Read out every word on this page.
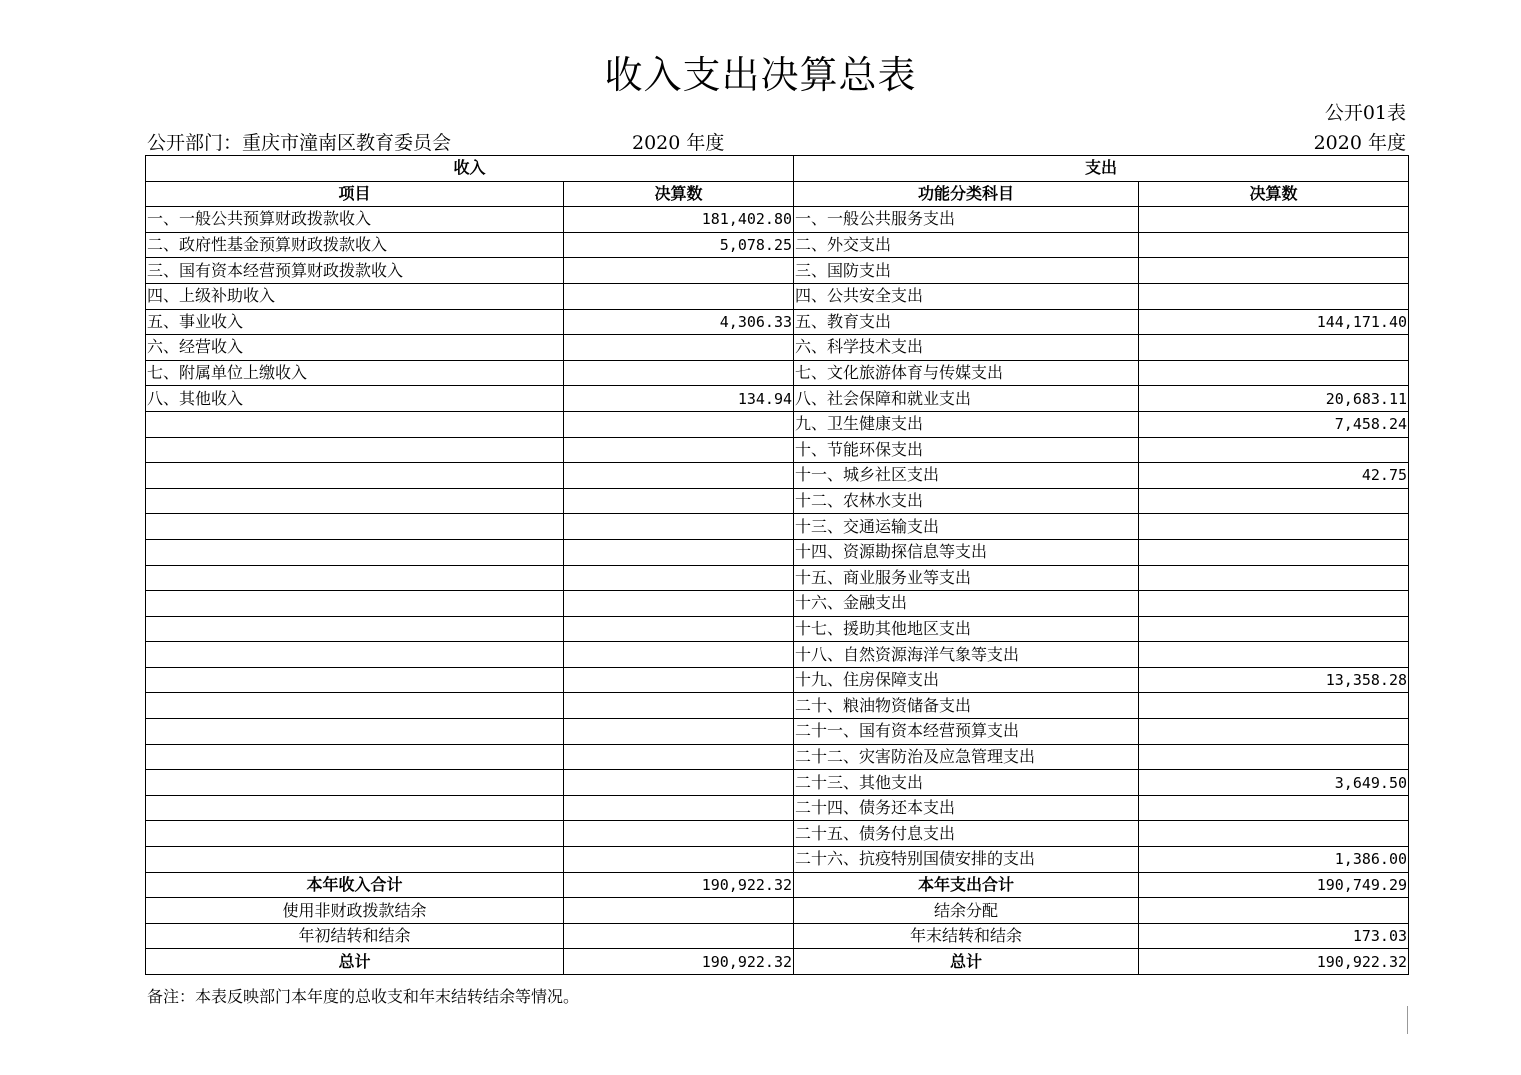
收入支出决算总表
公开01表
公开部门：重庆市潼南区教育委员会	2020 年度	2020 年度
收入		支出	
项目	决算数	功能分类科目	决算数
一、一般公共预算财政拨款收入	181,402.80	一、一般公共服务支出	
二、政府性基金预算财政拨款收入	5,078.25	二、外交支出	
三、国有资本经营预算财政拨款收入		三、国防支出	
四、上级补助收入		四、公共安全支出	
五、事业收入	4,306.33	五、教育支出	144,171.40
六、经营收入		六、科学技术支出	
七、附属单位上缴收入		七、文化旅游体育与传媒支出	
八、其他收入	134.94	八、社会保障和就业支出	20,683.11
		九、卫生健康支出	7,458.24
		十、节能环保支出	
		十一、城乡社区支出	42.75
		十二、农林水支出	
		十三、交通运输支出	
		十四、资源勘探信息等支出	
		十五、商业服务业等支出	
		十六、金融支出	
		十七、援助其他地区支出	
		十八、自然资源海洋气象等支出	
		十九、住房保障支出	13,358.28
		二十、粮油物资储备支出	
		二十一、国有资本经营预算支出	
		二十二、灾害防治及应急管理支出	
		二十三、其他支出	3,649.50
		二十四、债务还本支出	
		二十五、债务付息支出	
		二十六、抗疫特别国债安排的支出	1,386.00
本年收入合计	190,922.32	本年支出合计	190,749.29
使用非财政拨款结余		结余分配	
年初结转和结余		年末结转和结余	173.03
总计	190,922.32	总计	190,922.32
备注：本表反映部门本年度的总收支和年末结转结余等情况。
